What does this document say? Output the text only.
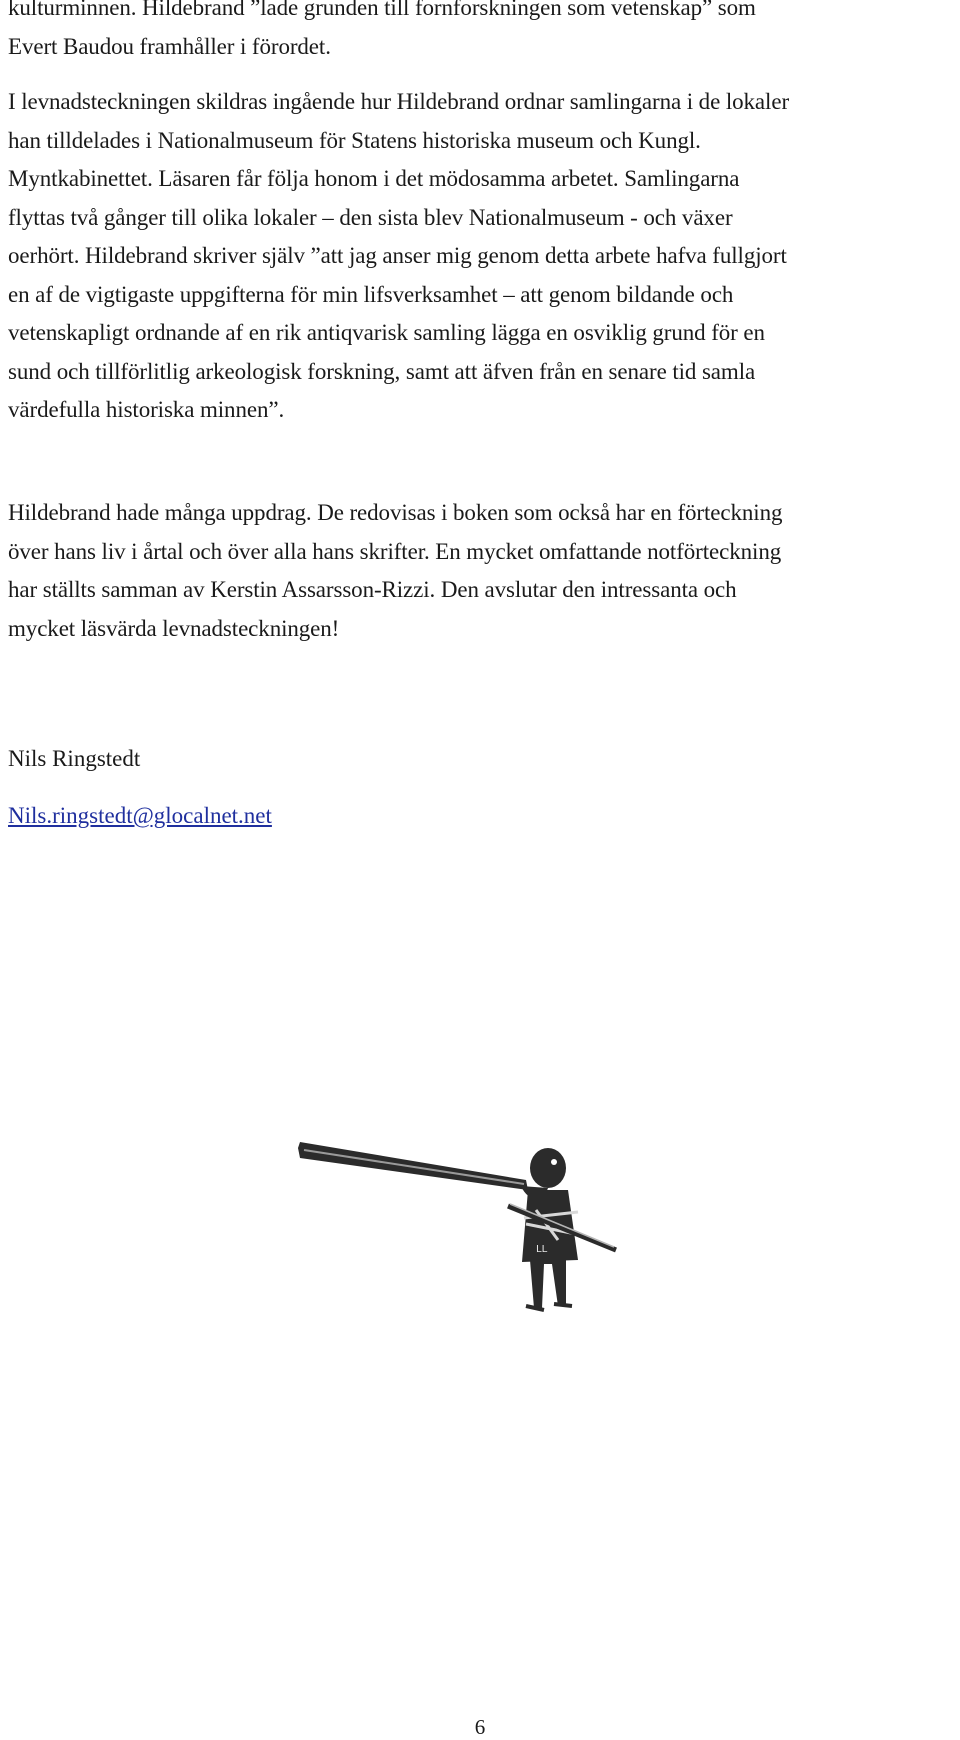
kulturminnen. Hildebrand ”lade grunden till fornforskningen som vetenskap” som
Evert Baudou framhåller i förordet.

I levnadsteckningen skildras ingående hur Hildebrand ordnar samlingarna i de lokaler
han tilldelades i Nationalmuseum för Statens historiska museum och Kungl.
Myntkabinettet. Läsaren får följa honom i det mödosamma arbetet. Samlingarna
flyttas två gånger till olika lokaler – den sista blev Nationalmuseum - och växer
oerhört. Hildebrand skriver själv ”att jag anser mig genom detta arbete hafva fullgjort
en af de vigtigaste uppgifterna för min lifsverksamhet – att genom bildande och
vetenskapligt ordnande af en rik antiqvarisk samling lägga en osviklig grund för en
sund och tillförlitlig arkeologisk forskning, samt att äfven från en senare tid samla
värdefulla historiska minnen”.

Hildebrand hade många uppdrag. De redovisas i boken som också har en förteckning
över hans liv i årtal och över alla hans skrifter. En mycket omfattande notförteckning
har ställts samman av Kerstin Assarsson-Rizzi. Den avslutar den intressanta och
mycket läsvärda levnadsteckningen!

Nils Ringstedt

Nils.ringstedt@glocalnet.net
LL
6
